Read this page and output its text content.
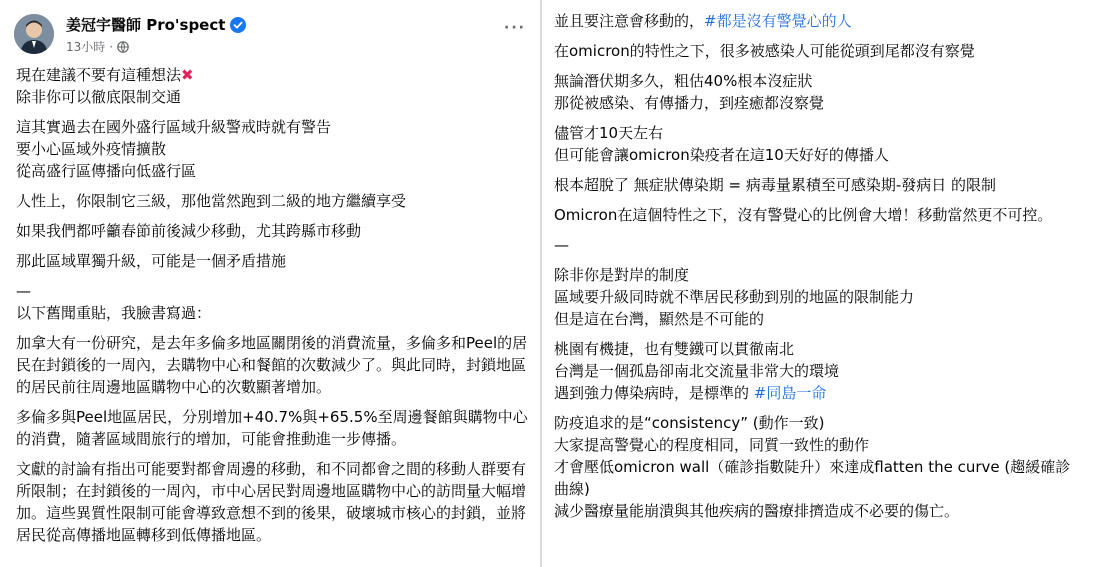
姜冠宇醫師 Pro'spect
13小時 ·
···

現在建議不要有這種想法✖
除非你可以徹底限制交通

這其實過去在國外盛行區域升級警戒時就有警告
要小心區域外疫情擴散
從高盛行區傳播向低盛行區

人性上，你限制它三級，那他當然跑到二級的地方繼續享受

如果我們都呼籲春節前後減少移動，尤其跨縣市移動

那此區域單獨升級，可能是一個矛盾措施

—
以下舊聞重貼，我臉書寫過：

加拿大有一份研究，是去年多倫多地區關閉後的消費流量，多倫多和Peel的居民在封鎖後的一周內，去購物中心和餐館的次數減少了。與此同時，封鎖地區的居民前往周邊地區購物中心的次數顯著增加。

多倫多與Peel地區居民，分別增加+40.7%與+65.5%至周邊餐館與購物中心的消費，隨著區域間旅行的增加，可能會推動進一步傳播。

文獻的討論有指出可能要對都會周邊的移動，和不同都會之間的移動人群要有所限制；在封鎖後的一周內，市中心居民對周邊地區購物中心的訪問量大幅增加。這些異質性限制可能會導致意想不到的後果，破壞城市核心的封鎖，並將居民從高傳播地區轉移到低傳播地區。

並且要注意會移動的，#都是沒有警覺心的人

在omicron的特性之下，很多被感染人可能從頭到尾都沒有察覺

無論潛伏期多久，粗估40%根本沒症狀
那從被感染、有傳播力，到痊癒都沒察覺

儘管才10天左右
但可能會讓omicron染疫者在這10天好好的傳播人

根本超脫了 無症狀傳染期 = 病毒量累積至可感染期-發病日 的限制

Omicron在這個特性之下，沒有警覺心的比例會大增！移動當然更不可控。

—

除非你是對岸的制度
區域要升級同時就不準居民移動到別的地區的限制能力
但是這在台灣，顯然是不可能的

桃園有機捷，也有雙鐵可以貫徹南北
台灣是一個孤島卻南北交流量非常大的環境
遇到強力傳染病時，是標準的 #同島一命

防疫追求的是“consistency” (動作一致)
大家提高警覺心的程度相同，同質一致性的動作
才會壓低omicron wall（確診指數陡升）來達成flatten the curve (趨緩確診曲線)
減少醫療量能崩潰與其他疾病的醫療排擠造成不必要的傷亡。
